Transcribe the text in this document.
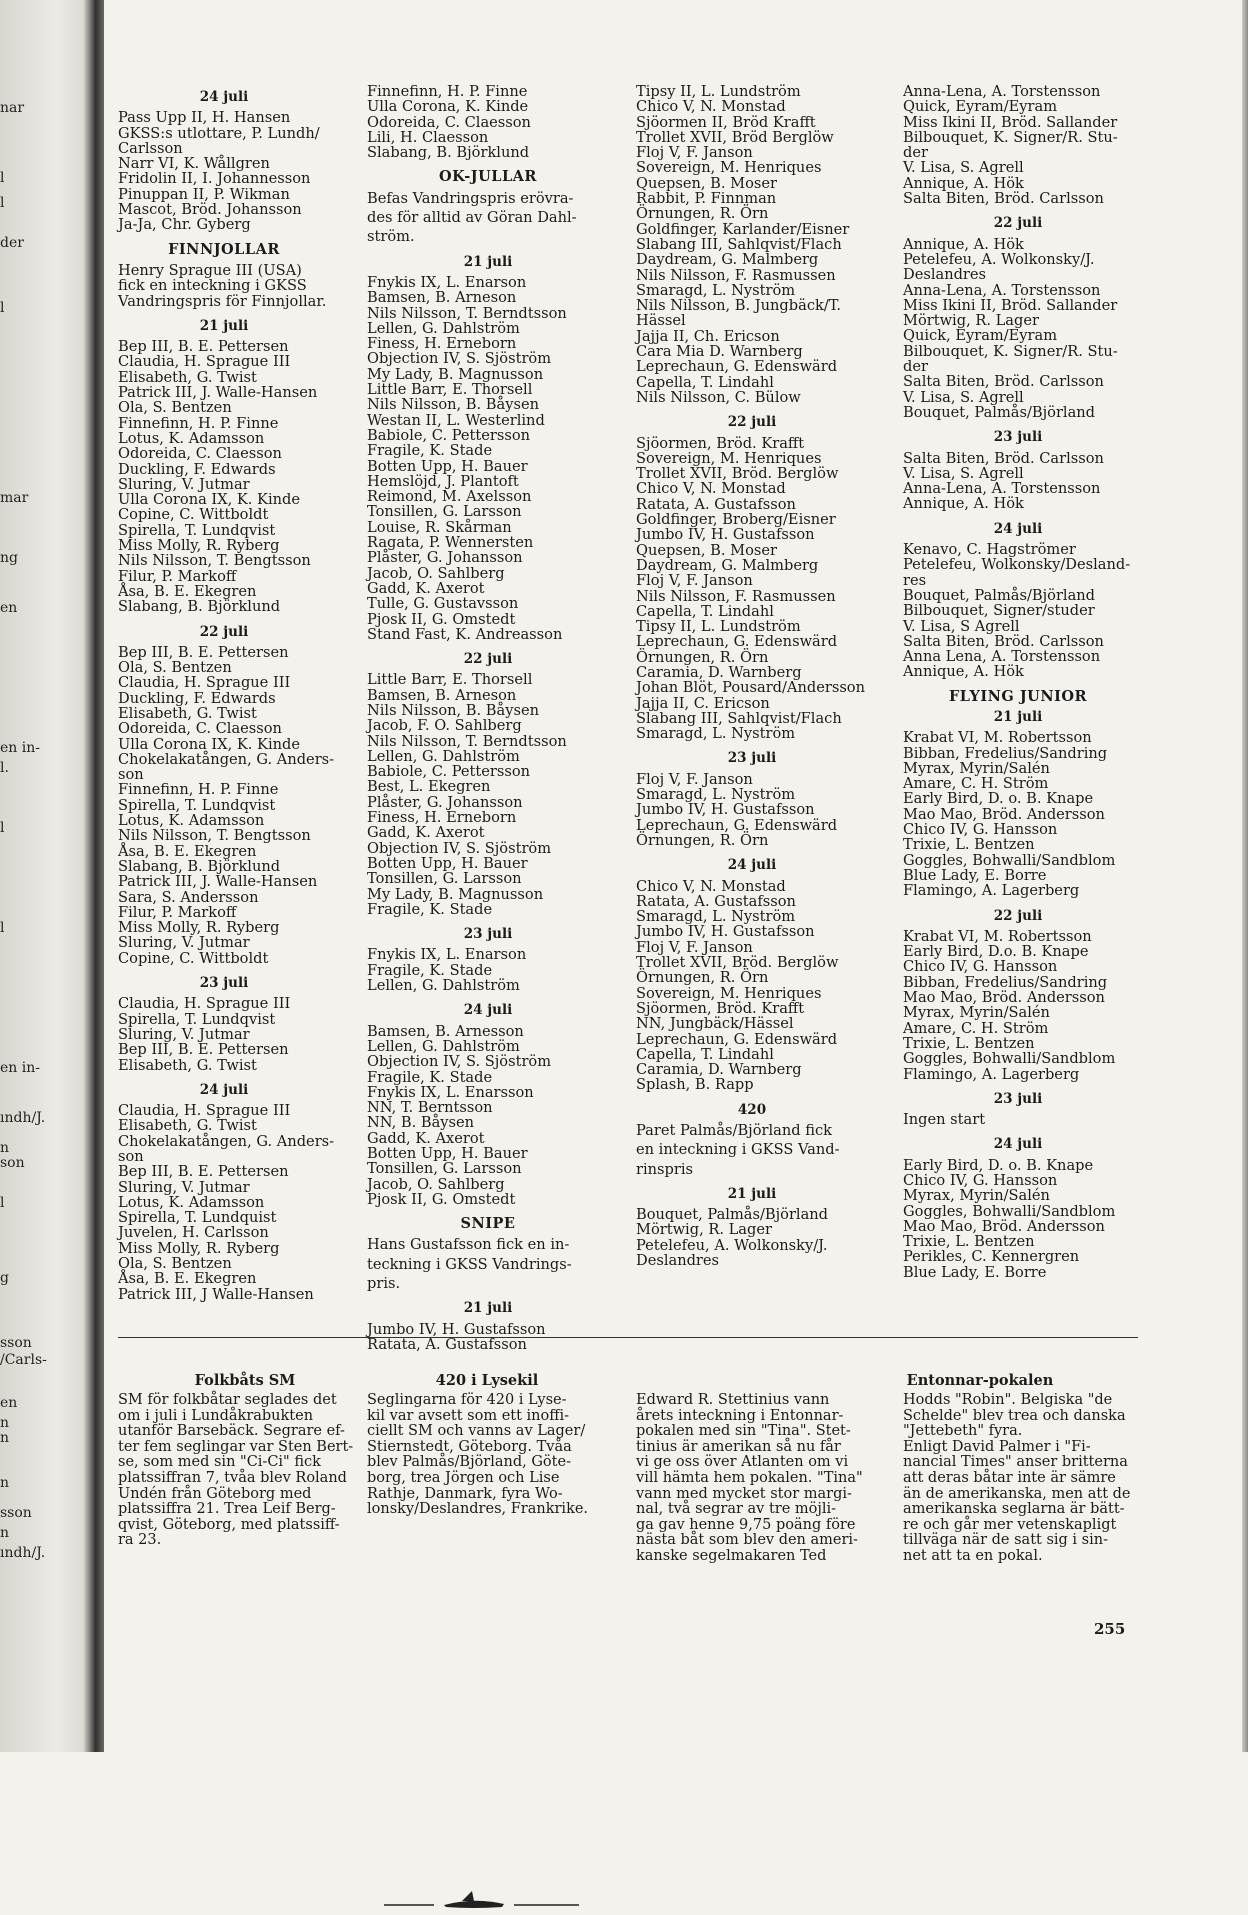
nar
l
l
der
l
mar
ng
en
en in-
l.
l
l
en in-
ındh/J.
n
son
l
g
sson
/Carls-
en
n
n
n
sson
n
ındh/J.
24 juli
Pass Upp II, H. Hansen
GKSS:s utlottare, P. Lundh/
Carlsson
Narr VI, K. Wållgren
Fridolin II, I. Johannesson
Pinuppan II, P. Wikman
Mascot, Bröd. Johansson
Ja-Ja, Chr. Gyberg
FINNJOLLAR
Henry Sprague III (USA)
fick en inteckning i GKSS
Vandringspris för Finnjollar.
21 juli
Bep III, B. E. Pettersen
Claudia, H. Sprague III
Elisabeth, G. Twist
Patrick III, J. Walle-Hansen
Ola, S. Bentzen
Finnefinn, H. P. Finne
Lotus, K. Adamsson
Odoreida, C. Claesson
Duckling, F. Edwards
Sluring, V. Jutmar
Ulla Corona IX, K. Kinde
Copine, C. Wittboldt
Spirella, T. Lundqvist
Miss Molly, R. Ryberg
Nils Nilsson, T. Bengtsson
Filur, P. Markoff
Åsa, B. E. Ekegren
Slabang, B. Björklund
22 juli
Bep III, B. E. Pettersen
Ola, S. Bentzen
Claudia, H. Sprague III
Duckling, F. Edwards
Elisabeth, G. Twist
Odoreida, C. Claesson
Ulla Corona IX, K. Kinde
Chokelakatången, G. Anders-
son
Finnefinn, H. P. Finne
Spirella, T. Lundqvist
Lotus, K. Adamsson
Nils Nilsson, T. Bengtsson
Åsa, B. E. Ekegren
Slabang, B. Björklund
Patrick III, J. Walle-Hansen
Sara, S. Andersson
Filur, P. Markoff
Miss Molly, R. Ryberg
Sluring, V. Jutmar
Copine, C. Wittboldt
23 juli
Claudia, H. Sprague III
Spirella, T. Lundqvist
Sluring, V. Jutmar
Bep III, B. E. Pettersen
Elisabeth, G. Twist
24 juli
Claudia, H. Sprague III
Elisabeth, G. Twist
Chokelakatången, G. Anders-
son
Bep III, B. E. Pettersen
Sluring, V. Jutmar
Lotus, K. Adamsson
Spirella, T. Lundquist
Juvelen, H. Carlsson
Miss Molly, R. Ryberg
Ola, S. Bentzen
Åsa, B. E. Ekegren
Patrick III, J Walle-Hansen
Finnefinn, H. P. Finne
Ulla Corona, K. Kinde
Odoreida, C. Claesson
Lili, H. Claesson
Slabang, B. Björklund
OK-JULLAR
Befas Vandringspris erövra-
des för alltid av Göran Dahl-
ström.
21 juli
Fnykis IX, L. Enarson
Bamsen, B. Arneson
Nils Nilsson, T. Berndtsson
Lellen, G. Dahlström
Finess, H. Erneborn
Objection IV, S. Sjöström
My Lady, B. Magnusson
Little Barr, E. Thorsell
Nils Nilsson, B. Båysen
Westan II, L. Westerlind
Babiole, C. Pettersson
Fragile, K. Stade
Botten Upp, H. Bauer
Hemslöjd, J. Plantoft
Reimond, M. Axelsson
Tonsillen, G. Larsson
Louise, R. Skårman
Ragata, P. Wennersten
Plåster, G. Johansson
Jacob, O. Sahlberg
Gadd, K. Axerot
Tulle, G. Gustavsson
Pjosk II, G. Omstedt
Stand Fast, K. Andreasson
22 juli
Little Barr, E. Thorsell
Bamsen, B. Arneson
Nils Nilsson, B. Båysen
Jacob, F. O. Sahlberg
Nils Nilsson, T. Berndtsson
Lellen, G. Dahlström
Babiole, C. Pettersson
Best, L. Ekegren
Plåster, G. Johansson
Finess, H. Erneborn
Gadd, K. Axerot
Objection IV, S. Sjöström
Botten Upp, H. Bauer
Tonsillen, G. Larsson
My Lady, B. Magnusson
Fragile, K. Stade
23 juli
Fnykis IX, L. Enarson
Fragile, K. Stade
Lellen, G. Dahlström
24 juli
Bamsen, B. Arnesson
Lellen, G. Dahlström
Objection IV, S. Sjöström
Fragile, K. Stade
Fnykis IX, L. Enarsson
NN, T. Berntsson
NN, B. Båysen
Gadd, K. Axerot
Botten Upp, H. Bauer
Tonsillen, G. Larsson
Jacob, O. Sahlberg
Pjosk II, G. Omstedt
SNIPE
Hans Gustafsson fick en in-
teckning i GKSS Vandrings-
pris.
21 juli
Jumbo IV, H. Gustafsson
Ratata, A. Gustafsson
Tipsy II, L. Lundström
Chico V, N. Monstad
Sjöormen II, Bröd Krafft
Trollet XVII, Bröd Berglöw
Floj V, F. Janson
Sovereign, M. Henriques
Quepsen, B. Moser
Rabbit, P. Finnman
Örnungen, R. Örn
Goldfinger, Karlander/Eisner
Slabang III, Sahlqvist/Flach
Daydream, G. Malmberg
Nils Nilsson, F. Rasmussen
Smaragd, L. Nyström
Nils Nilsson, B. Jungbäck/T.
Hässel
Jajja II, Ch. Ericson
Cara Mia D. Warnberg
Leprechaun, G. Edenswärd
Capella, T. Lindahl
Nils Nilsson, C. Bülow
22 juli
Sjöormen, Bröd. Krafft
Sovereign, M. Henriques
Trollet XVII, Bröd. Berglöw
Chico V, N. Monstad
Ratata, A. Gustafsson
Goldfinger, Broberg/Eisner
Jumbo IV, H. Gustafsson
Quepsen, B. Moser
Daydream, G. Malmberg
Floj V, F. Janson
Nils Nilsson, F. Rasmussen
Capella, T. Lindahl
Tipsy II, L. Lundström
Leprechaun, G. Edenswärd
Örnungen, R. Örn
Caramia, D. Warnberg
Johan Blöt, Pousard/Andersson
Jajja II, C. Ericson
Slabang III, Sahlqvist/Flach
Smaragd, L. Nyström
23 juli
Floj V, F. Janson
Smaragd, L. Nyström
Jumbo IV, H. Gustafsson
Leprechaun, G. Edenswärd
Örnungen, R. Örn
24 juli
Chico V, N. Monstad
Ratata, A. Gustafsson
Smaragd, L. Nyström
Jumbo IV, H. Gustafsson
Floj V, F. Janson
Trollet XVII, Bröd. Berglöw
Örnungen, R. Örn
Sovereign, M. Henriques
Sjöormen, Bröd. Krafft
NN, Jungbäck/Hässel
Leprechaun, G. Edenswärd
Capella, T. Lindahl
Caramia, D. Warnberg
Splash, B. Rapp
420
Paret Palmås/Björland fick
en inteckning i GKSS Vand-
rinspris
21 juli
Bouquet, Palmås/Björland
Mörtwig, R. Lager
Petelefeu, A. Wolkonsky/J.
Deslandres
Anna-Lena, A. Torstensson
Quick, Eyram/Eyram
Miss Ikini II, Bröd. Sallander
Bilbouquet, K. Signer/R. Stu-
der
V. Lisa, S. Agrell
Annique, A. Hök
Salta Biten, Bröd. Carlsson
22 juli
Annique, A. Hök
Petelefeu, A. Wolkonsky/J.
Deslandres
Anna-Lena, A. Torstensson
Miss Ikini II, Bröd. Sallander
Mörtwig, R. Lager
Quick, Eyram/Eyram
Bilbouquet, K. Signer/R. Stu-
der
Salta Biten, Bröd. Carlsson
V. Lisa, S. Agrell
Bouquet, Palmås/Björland
23 juli
Salta Biten, Bröd. Carlsson
V. Lisa, S. Agrell
Anna-Lena, A. Torstensson
Annique, A. Hök
24 juli
Kenavo, C. Hagströmer
Petelefeu, Wolkonsky/Desland-
res
Bouquet, Palmås/Björland
Bilbouquet, Signer/studer
V. Lisa, S Agrell
Salta Biten, Bröd. Carlsson
Anna Lena, A. Torstensson
Annique, A. Hök
FLYING JUNIOR
21 juli
Krabat VI, M. Robertsson
Bibban, Fredelius/Sandring
Myrax, Myrin/Salén
Amare, C. H. Ström
Early Bird, D. o. B. Knape
Mao Mao, Bröd. Andersson
Chico IV, G. Hansson
Trixie, L. Bentzen
Goggles, Bohwalli/Sandblom
Blue Lady, E. Borre
Flamingo, A. Lagerberg
22 juli
Krabat VI, M. Robertsson
Early Bird, D.o. B. Knape
Chico IV, G. Hansson
Bibban, Fredelius/Sandring
Mao Mao, Bröd. Andersson
Myrax, Myrin/Salén
Amare, C. H. Ström
Trixie, L. Bentzen
Goggles, Bohwalli/Sandblom
Flamingo, A. Lagerberg
23 juli
Ingen start
24 juli
Early Bird, D. o. B. Knape
Chico IV, G. Hansson
Myrax, Myrin/Salén
Goggles, Bohwalli/Sandblom
Mao Mao, Bröd. Andersson
Trixie, L. Bentzen
Perikles, C. Kennergren
Blue Lady, E. Borre
Folkbåts SM
SM för folkbåtar seglades det
om i juli i Lundåkrabukten
utanför Barsebäck. Segrare ef-
ter fem seglingar var Sten Bert-
se, som med sin "Ci-Ci" fick
platssiffran 7, tvåa blev Roland
Undén från Göteborg med
platssiffra 21. Trea Leif Berg-
qvist, Göteborg, med platssiff-
ra 23.
420 i Lysekil
Seglingarna för 420 i Lyse-
kil var avsett som ett inoffi-
ciellt SM och vanns av Lager/
Stiernstedt, Göteborg. Tvåa
blev Palmås/Björland, Göte-
borg, trea Jörgen och Lise
Rathje, Danmark, fyra Wo-
lonsky/Deslandres, Frankrike.
Entonnar-pokalen
Edward R. Stettinius vann
årets inteckning i Entonnar-
pokalen med sin "Tina". Stet-
tinius är amerikan så nu får
vi ge oss över Atlanten om vi
vill hämta hem pokalen. "Tina"
vann med mycket stor margi-
nal, två segrar av tre möjli-
ga gav henne 9,75 poäng före
nästa båt som blev den ameri-
kanske segelmakaren Ted
Hodds "Robin". Belgiska "de
Schelde" blev trea och danska
"Jettebeth" fyra.
Enligt David Palmer i "Fi-
nancial Times" anser britterna
att deras båtar inte är sämre
än de amerikanska, men att de
amerikanska seglarna är bätt-
re och går mer vetenskapligt
tillväga när de satt sig i sin-
net att ta en pokal.
255
